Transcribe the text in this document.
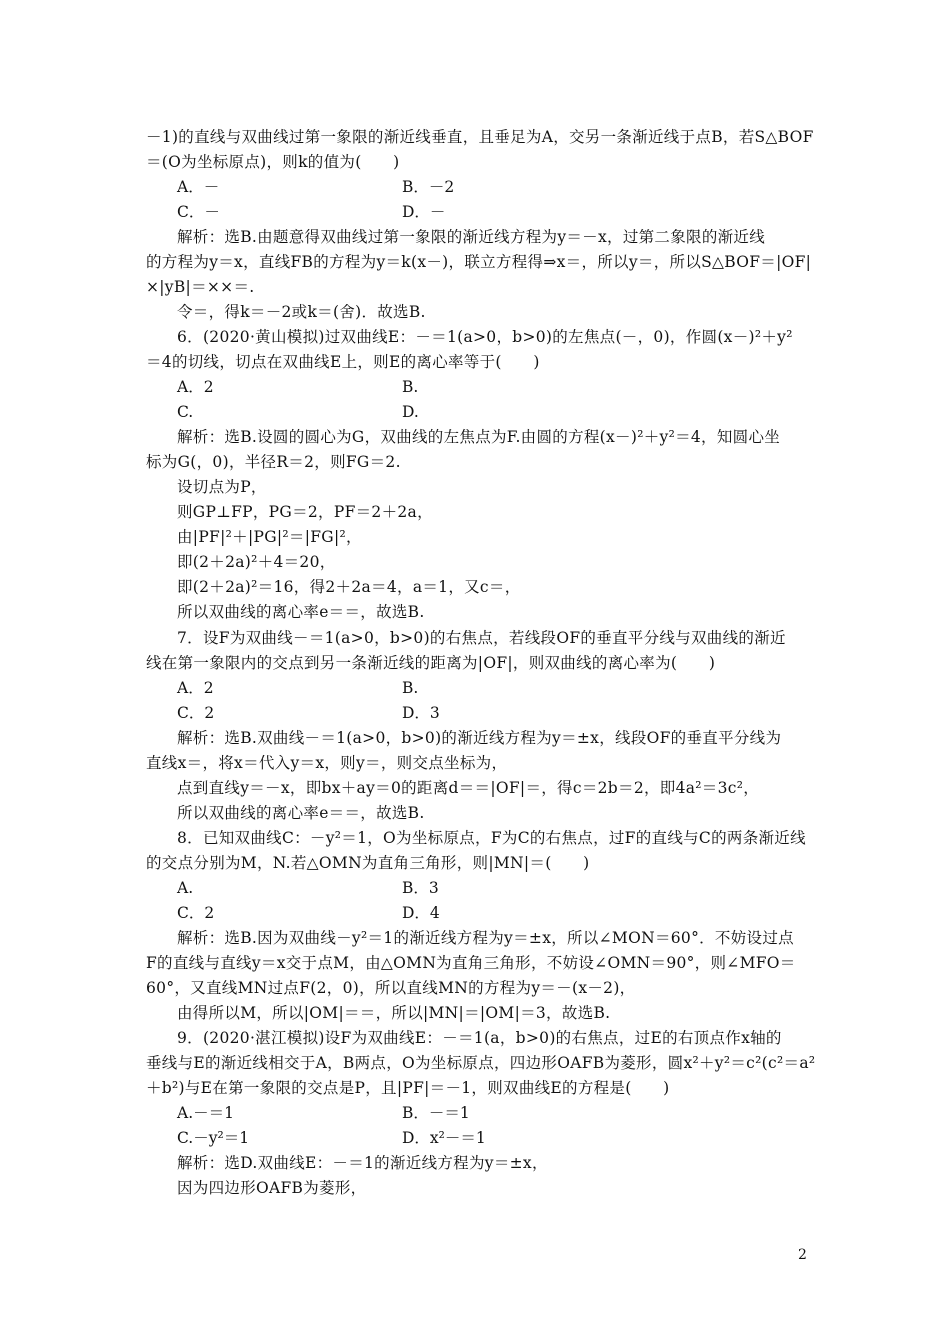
－1)的直线与双曲线过第一象限的渐近线垂直，且垂足为A，交另一条渐近线于点B，若S△BOF
＝(O为坐标原点)，则k的值为(　　)
A．－	B．－2
C．－	D．－
解析：选B.由题意得双曲线过第一象限的渐近线方程为y＝－x，过第二象限的渐近线
的方程为y＝x，直线FB的方程为y＝k(x－)，联立方程得⇒x＝，所以y＝，所以S△BOF＝|OF|
×|yB|＝××＝.
令＝，得k＝－2或k＝(舍)．故选B.
6．(2020·黄山模拟)过双曲线E：－＝1(a>0，b>0)的左焦点(－，0)，作圆(x－)²＋y²
＝4的切线，切点在双曲线E上，则E的离心率等于(　　)
A．2	B.
C.	D.
解析：选B.设圆的圆心为G，双曲线的左焦点为F.由圆的方程(x－)²＋y²＝4，知圆心坐
标为G(，0)，半径R＝2，则FG＝2.
设切点为P，
则GP⊥FP，PG＝2，PF＝2＋2a，
由|PF|²＋|PG|²＝|FG|²，
即(2＋2a)²＋4＝20，
即(2＋2a)²＝16，得2＋2a＝4，a＝1，又c＝，
所以双曲线的离心率e＝＝，故选B.
7．设F为双曲线－＝1(a>0，b>0)的右焦点，若线段OF的垂直平分线与双曲线的渐近
线在第一象限内的交点到另一条渐近线的距离为|OF|，则双曲线的离心率为(　　)
A．2	B.
C．2	D．3
解析：选B.双曲线－＝1(a>0，b>0)的渐近线方程为y＝±x，线段OF的垂直平分线为
直线x＝，将x＝代入y＝x，则y＝，则交点坐标为，
点到直线y＝－x，即bx＋ay＝0的距离d＝＝|OF|＝，得c＝2b＝2，即4a²＝3c²，
所以双曲线的离心率e＝＝，故选B.
8．已知双曲线C：－y²＝1，O为坐标原点，F为C的右焦点，过F的直线与C的两条渐近线
的交点分别为M，N.若△OMN为直角三角形，则|MN|＝(　　)
A.	B．3
C．2	D．4
解析：选B.因为双曲线－y²＝1的渐近线方程为y＝±x，所以∠MON＝60°．不妨设过点
F的直线与直线y＝x交于点M，由△OMN为直角三角形，不妨设∠OMN＝90°，则∠MFO＝
60°，又直线MN过点F(2，0)，所以直线MN的方程为y＝－(x－2)，
由得所以M，所以|OM|＝＝，所以|MN|＝|OM|＝3，故选B.
9．(2020·湛江模拟)设F为双曲线E：－＝1(a，b>0)的右焦点，过E的右顶点作x轴的
垂线与E的渐近线相交于A，B两点，O为坐标原点，四边形OAFB为菱形，圆x²＋y²＝c²(c²＝a²
＋b²)与E在第一象限的交点是P，且|PF|＝－1，则双曲线E的方程是(　　)
A.－＝1	B．－＝1
C.－y²＝1	D．x²－＝1
解析：选D.双曲线E：－＝1的渐近线方程为y＝±x，
因为四边形OAFB为菱形，
2
